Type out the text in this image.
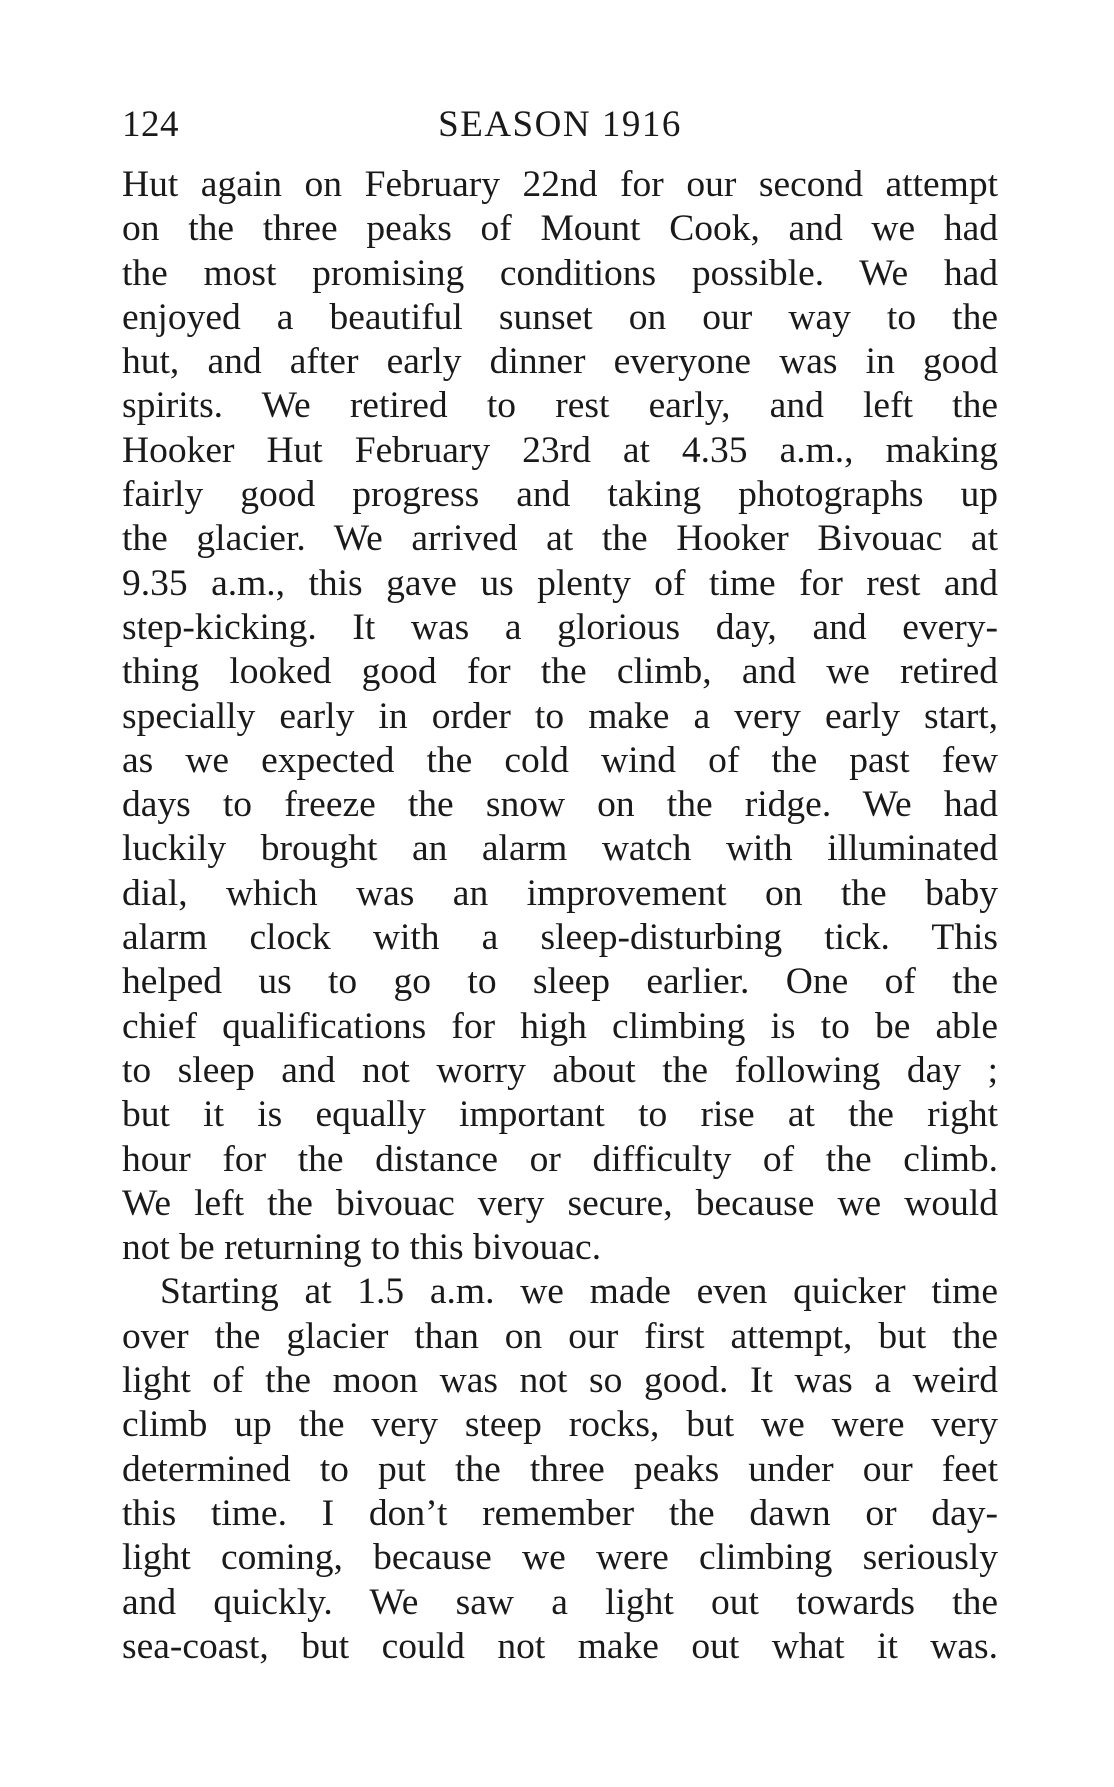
124	SEASON 1916
Hut again on February 22nd for our second attempt
on the three peaks of Mount Cook, and we had
the most promising conditions possible. We had
enjoyed a beautiful sunset on our way to the
hut, and after early dinner everyone was in good
spirits. We retired to rest early, and left the
Hooker Hut February 23rd at 4.35 a.m., making
fairly good progress and taking photographs up
the glacier. We arrived at the Hooker Bivouac at
9.35 a.m., this gave us plenty of time for rest and
step-kicking. It was a glorious day, and every-
thing looked good for the climb, and we retired
specially early in order to make a very early start,
as we expected the cold wind of the past few
days to freeze the snow on the ridge. We had
luckily brought an alarm watch with illuminated
dial, which was an improvement on the baby
alarm clock with a sleep-disturbing tick. This
helped us to go to sleep earlier. One of the
chief qualifications for high climbing is to be able
to sleep and not worry about the following day ;
but it is equally important to rise at the right
hour for the distance or difficulty of the climb.
We left the bivouac very secure, because we would
not be returning to this bivouac.
Starting at 1.5 a.m. we made even quicker time
over the glacier than on our first attempt, but the
light of the moon was not so good. It was a weird
climb up the very steep rocks, but we were very
determined to put the three peaks under our feet
this time. I don’t remember the dawn or day-
light coming, because we were climbing seriously
and quickly. We saw a light out towards the
sea-coast, but could not make out what it was.
